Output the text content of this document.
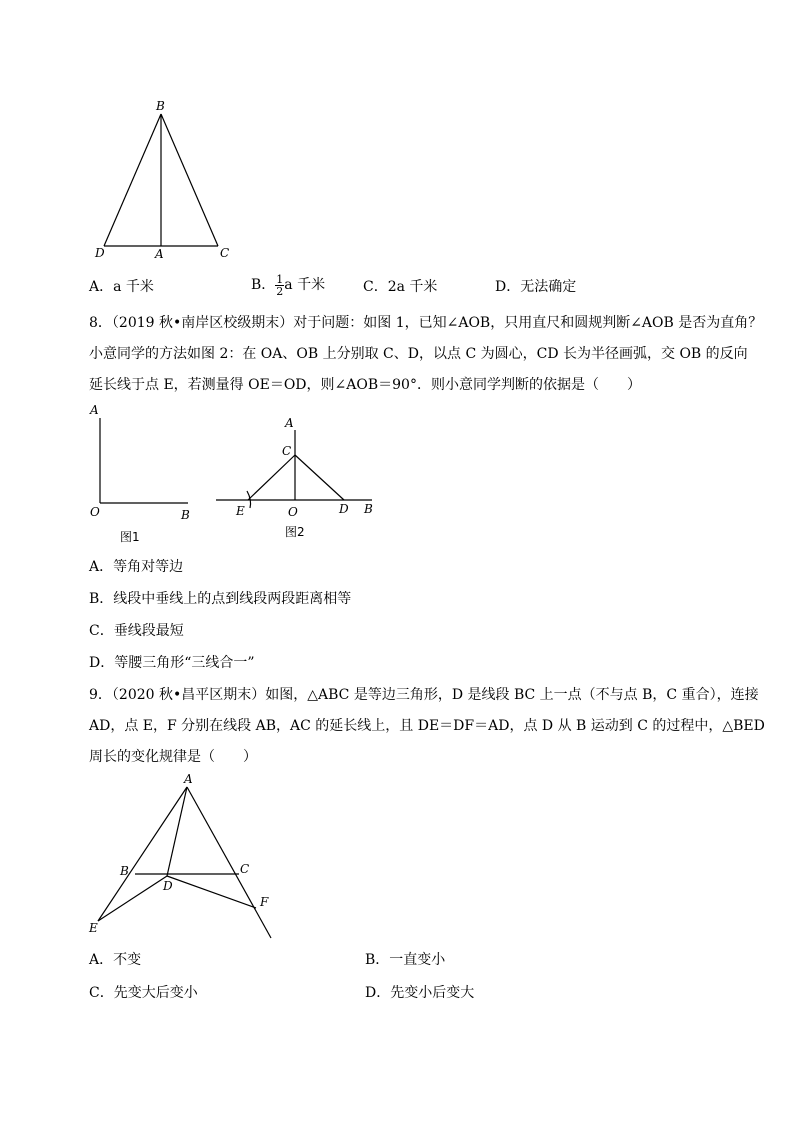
B
D	A	C
A．a 千米	B． $\frac{1}{2}$ a 千米	C．2a 千米	D．无法确定
8．（2019 秋•南岸区校级期末）对于问题：如图 1，已知∠AOB，只用直尺和圆规判断∠AOB 是否为直角？
小意同学的方法如图 2：在 OA、OB 上分别取 C、D，以点 C 为圆心，CD 长为半径画弧，交 OB 的反向
延长线于点 E，若测量得 OE＝OD，则∠AOB＝90°．则小意同学判断的依据是（　　）
A
O	B
图1
A
C
E	O	D B
图2
A．等角对等边
B．线段中垂线上的点到线段两段距离相等
C．垂线段最短
D．等腰三角形“三线合一”
9．（2020 秋•昌平区期末）如图，△ABC 是等边三角形，D 是线段 BC 上一点（不与点 B，C 重合），连接
AD，点 E，F 分别在线段 AB，AC 的延长线上，且 DE＝DF＝AD，点 D 从 B 运动到 C 的过程中，△BED
周长的变化规律是（　　）
A
B	C
D
E
F
A．不变	B．一直变小
C．先变大后变小	D．先变小后变大
